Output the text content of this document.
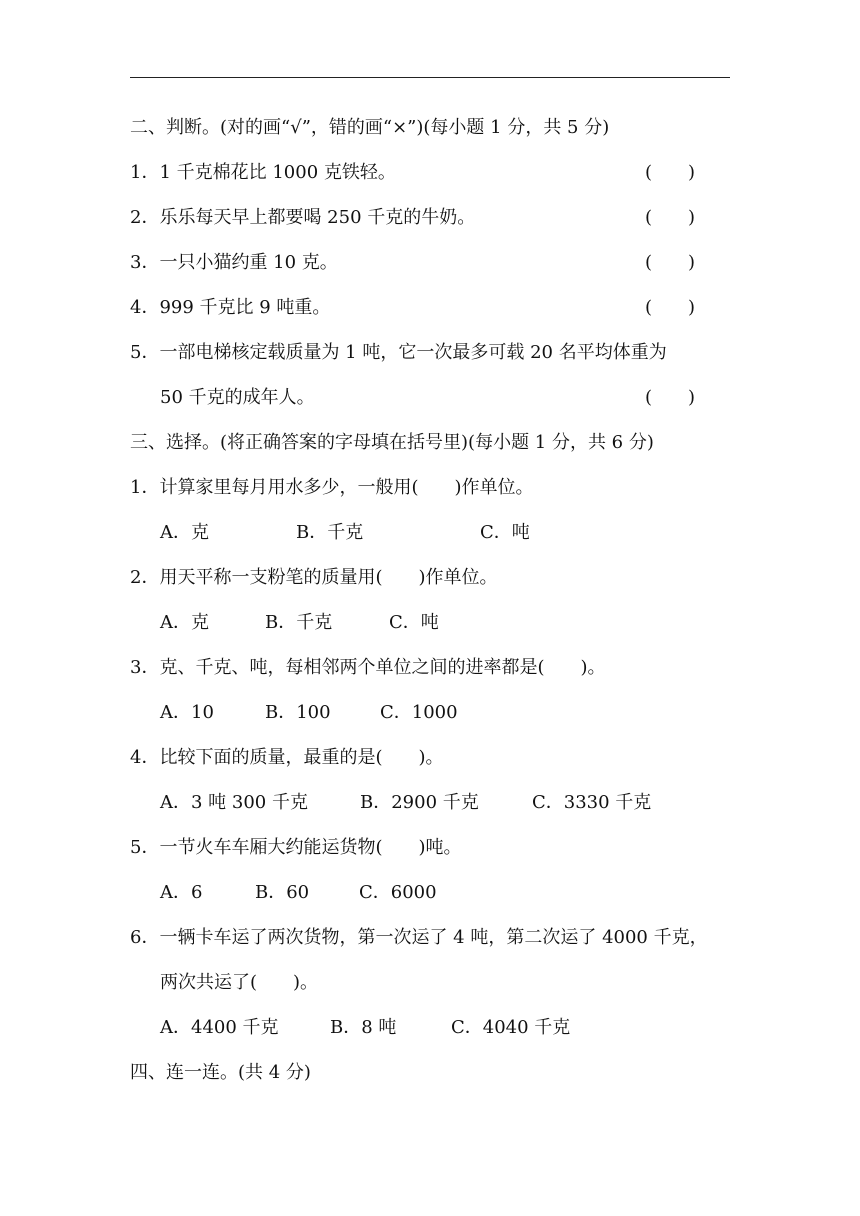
二、判断。(对的画“√”，错的画“×”)(每小题 1 分，共 5 分)
1．1 千克棉花比 1000 克铁轻。	(　　)
2．乐乐每天早上都要喝 250 千克的牛奶。	(　　)
3．一只小猫约重 10 克。	(　　)
4．999 千克比 9 吨重。	(　　)
5．一部电梯核定载质量为 1 吨，它一次最多可载 20 名平均体重为
50 千克的成年人。	(　　)
三、选择。(将正确答案的字母填在括号里)(每小题 1 分，共 6 分)
1．计算家里每月用水多少，一般用(　　)作单位。
A．克	B．千克	C．吨
2．用天平称一支粉笔的质量用(　　)作单位。
A．克	B．千克	C．吨
3．克、千克、吨，每相邻两个单位之间的进率都是(　　)。
A．10	B．100	C．1000
4．比较下面的质量，最重的是(　　)。
A．3 吨 300 千克	B．2900 千克	C．3330 千克
5．一节火车车厢大约能运货物(　　)吨。
A．6	B．60	C．6000
6．一辆卡车运了两次货物，第一次运了 4 吨，第二次运了 4000 千克，
两次共运了(　　)。
A．4400 千克	B．8 吨	C．4040 千克
四、连一连。(共 4 分)
